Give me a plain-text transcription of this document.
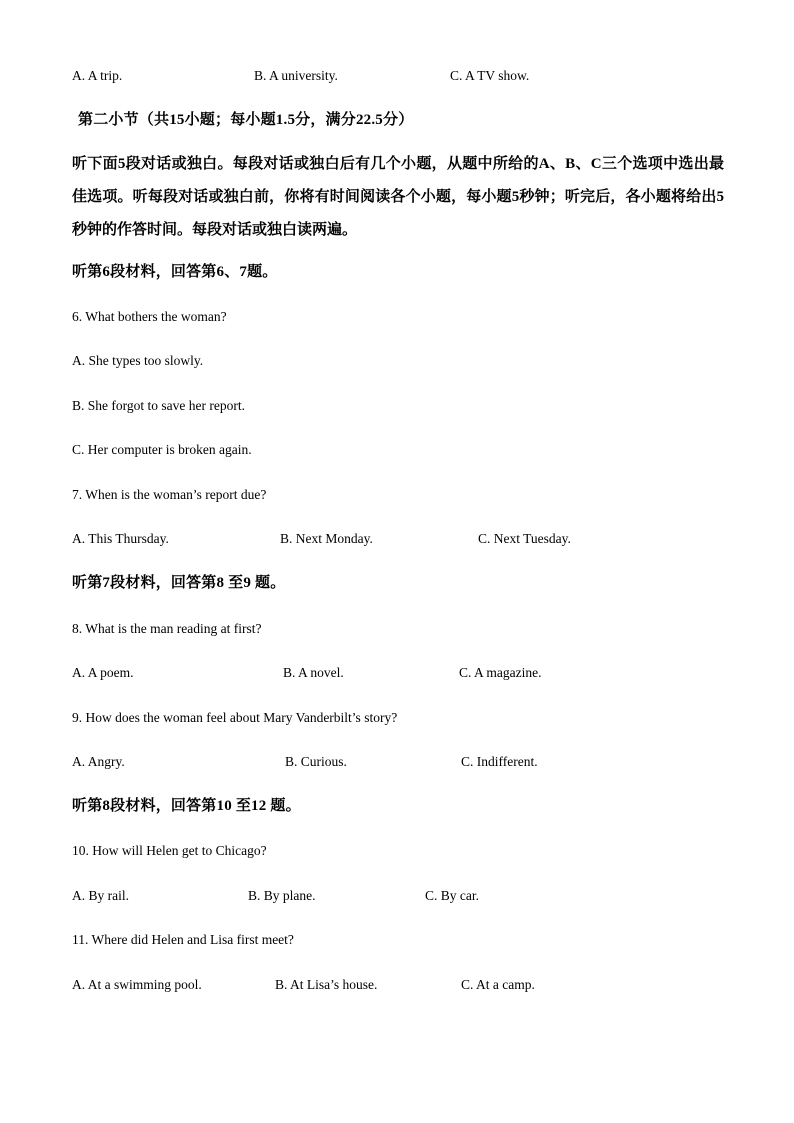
A. A trip.	B. A university.	C. A TV show.
第二小节（共15小题；每小题1.5分，满分22.5分）
听下面5段对话或独白。每段对话或独白后有几个小题，从题中所给的A、B、C三个选项中选出最佳选项。听每段对话或独白前，你将有时间阅读各个小题，每小题5秒钟；听完后，各小题将给出5秒钟的作答时间。每段对话或独白读两遍。
听第6段材料，回答第6、7题。
6. What bothers the woman?
A. She types too slowly.
B. She forgot to save her report.
C. Her computer is broken again.
7. When is the woman’s report due?
A. This Thursday.	B. Next Monday.	C. Next Tuesday.
听第7段材料，回答第8 至9 题。
8. What is the man reading at first?
A. A poem.	B. A novel.	C. A magazine.
9. How does the woman feel about Mary Vanderbilt’s story?
A. Angry.	B. Curious.	C. Indifferent.
听第8段材料，回答第10 至12 题。
10. How will Helen get to Chicago?
A. By rail.	B. By plane.	C. By car.
11. Where did Helen and Lisa first meet?
A. At a swimming pool.	B. At Lisa’s house.	C. At a camp.
